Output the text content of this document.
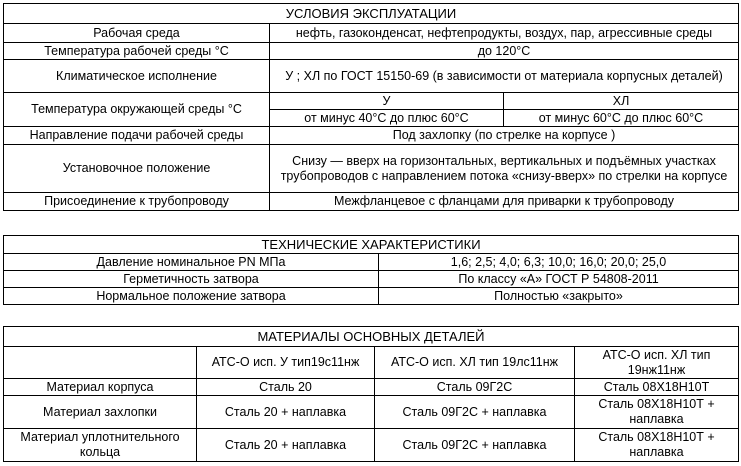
УСЛОВИЯ ЭКСПЛУАТАЦИИ		
Рабочая среда	нефть, газоконденсат, нефтепродукты, воздух, пар, агрессивные среды	
Температура рабочей среды °С	до 120°С	
Климатическое исполнение	У ; ХЛ по ГОСТ 15150-69 (в зависимости от материала корпусных деталей)	
Температура окружающей среды °С	У	ХЛ
	от минус 40°С до плюс 60°С	от минус 60°С до плюс 60°С
Направление подачи рабочей среды	Под захлопку (по стрелке на корпусе )	
Установочное положение	Снизу — вверх на горизонтальных, вертикальных и подъёмных участках трубопроводов с направлением потока «снизу-вверх» по стрелки на корпусе	
Присоединение к трубопроводу	Межфланцевое с фланцами для приварки к трубопроводу	
ТЕХНИЧЕСКИЕ ХАРАКТЕРИСТИКИ	
Давление номинальное PN МПа	1,6; 2,5; 4,0; 6,3; 10,0; 16,0; 20,0; 25,0
Герметичность затвора	По классу «А» ГОСТ Р 54808-2011
Нормальное положение затвора	Полностью «закрыто»
МАТЕРИАЛЫ ОСНОВНЫХ ДЕТАЛЕЙ			
	АТС-О исп. У тип19с11нж	АТС-О исп. ХЛ тип 19лс11нж	АТС-О исп. ХЛ тип 19нж11нж
Материал корпуса	Сталь 20	Сталь 09Г2С	Сталь 08Х18Н10Т
Материал захлопки	Сталь 20 + наплавка	Сталь 09Г2С + наплавка	Сталь 08Х18Н10Т + наплавка
Материал уплотнительного кольца	Сталь 20 + наплавка	Сталь 09Г2С + наплавка	Сталь 08Х18Н10Т + наплавка
